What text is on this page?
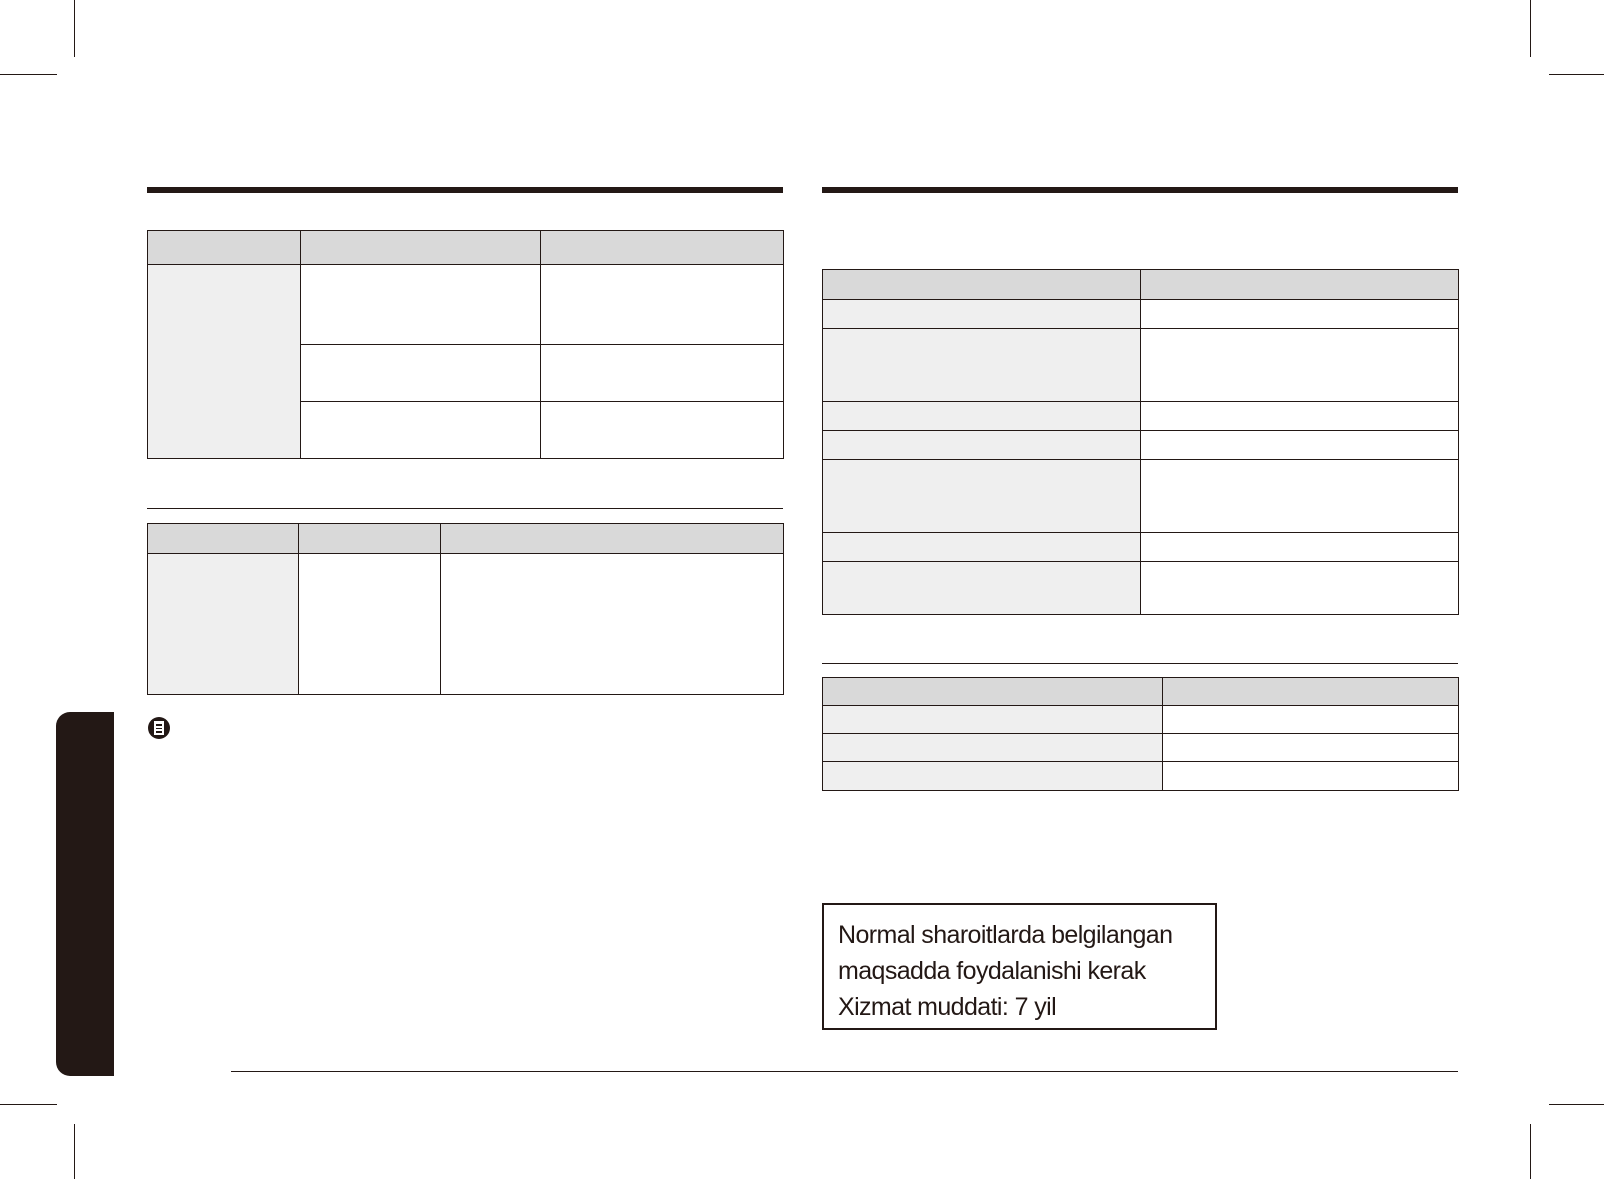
Normal sharoitlarda belgilangan
maqsadda foydalanishi kerak
Xizmat muddati: 7 yil
